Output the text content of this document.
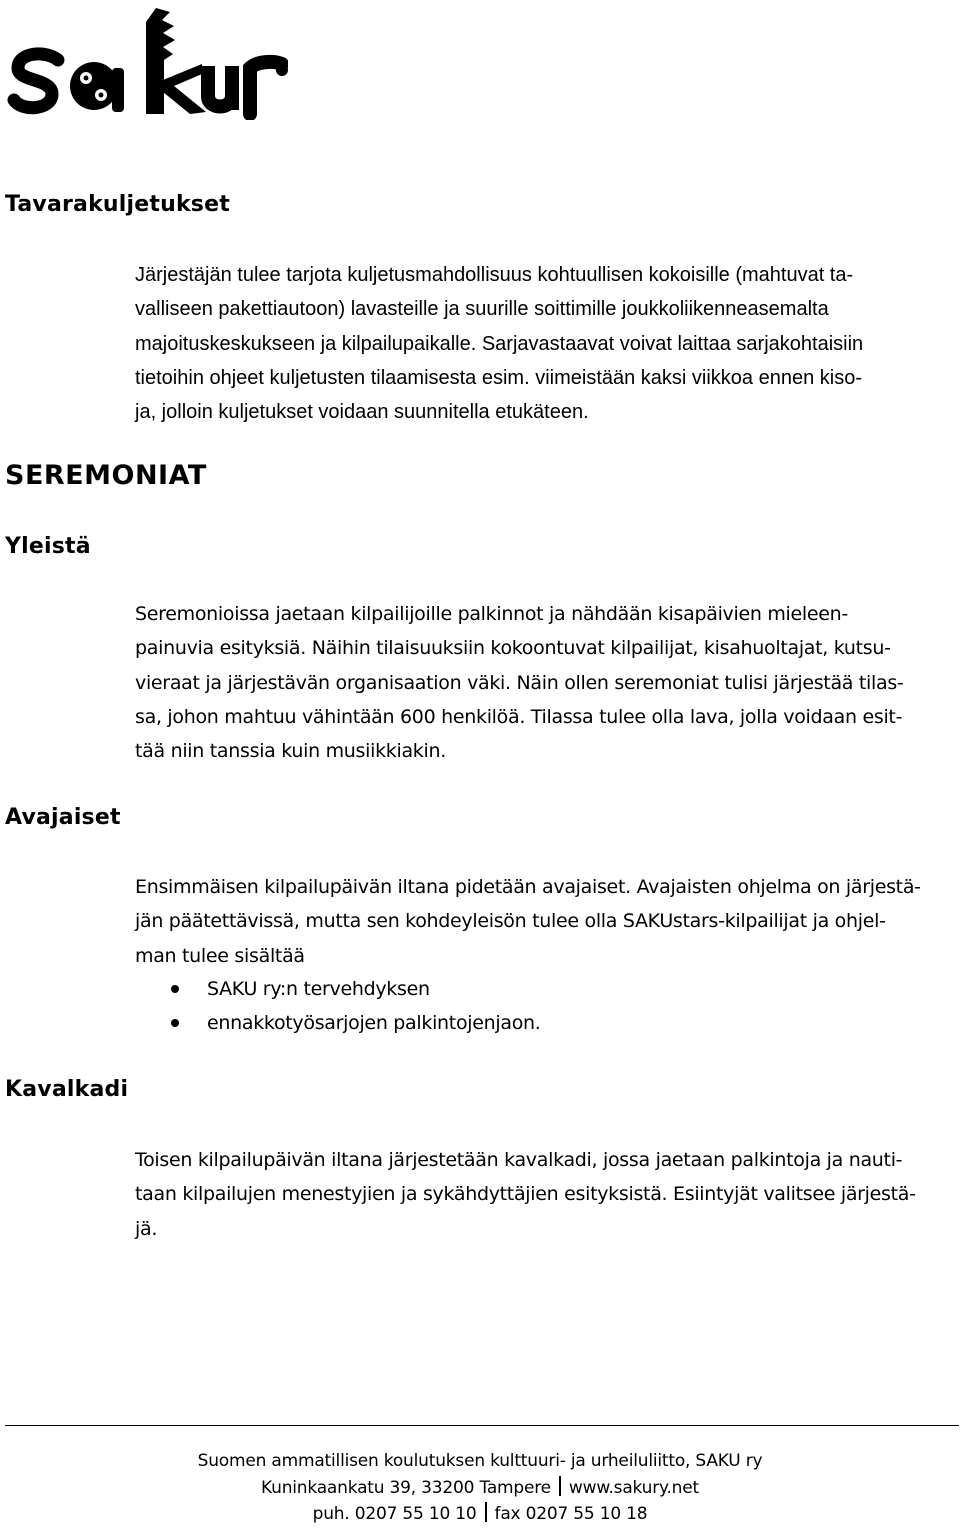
Tavarakuljetukset
Järjestäjän tulee tarjota kuljetusmahdollisuus kohtuullisen kokoisille (mahtuvat ta-
valliseen pakettiautoon) lavasteille ja suurille soittimille joukkoliikenneasemalta
majoituskeskukseen ja kilpailupaikalle. Sarjavastaavat voivat laittaa sarjakohtaisiin
tietoihin ohjeet kuljetusten tilaamisesta esim. viimeistään kaksi viikkoa ennen kiso-
ja, jolloin kuljetukset voidaan suunnitella etukäteen.
SEREMONIAT
Yleistä
Seremonioissa jaetaan kilpailijoille palkinnot ja nähdään kisapäivien mieleen-
painuvia esityksiä. Näihin tilaisuuksiin kokoontuvat kilpailijat, kisahuoltajat, kutsu-
vieraat ja järjestävän organisaation väki. Näin ollen seremoniat tulisi järjestää tilas-
sa, johon mahtuu vähintään 600 henkilöä. Tilassa tulee olla lava, jolla voidaan esit-
tää niin tanssia kuin musiikkiakin.
Avajaiset
Ensimmäisen kilpailupäivän iltana pidetään avajaiset. Avajaisten ohjelma on järjestä-
jän päätettävissä, mutta sen kohdeyleisön tulee olla SAKUstars-kilpailijat ja ohjel-
man tulee sisältää
SAKU ry:n tervehdyksen
ennakkotyösarjojen palkintojenjaon.
Kavalkadi
Toisen kilpailupäivän iltana järjestetään kavalkadi, jossa jaetaan palkintoja ja nauti-
taan kilpailujen menestyjien ja sykähdyttäjien esityksistä. Esiintyjät valitsee järjestä-
jä.
Suomen ammatillisen koulutuksen kulttuuri- ja urheiluliitto, SAKU ry
Kuninkaankatu 39, 33200 Tampere www.sakury.net
puh. 0207 55 10 10 fax 0207 55 10 18
